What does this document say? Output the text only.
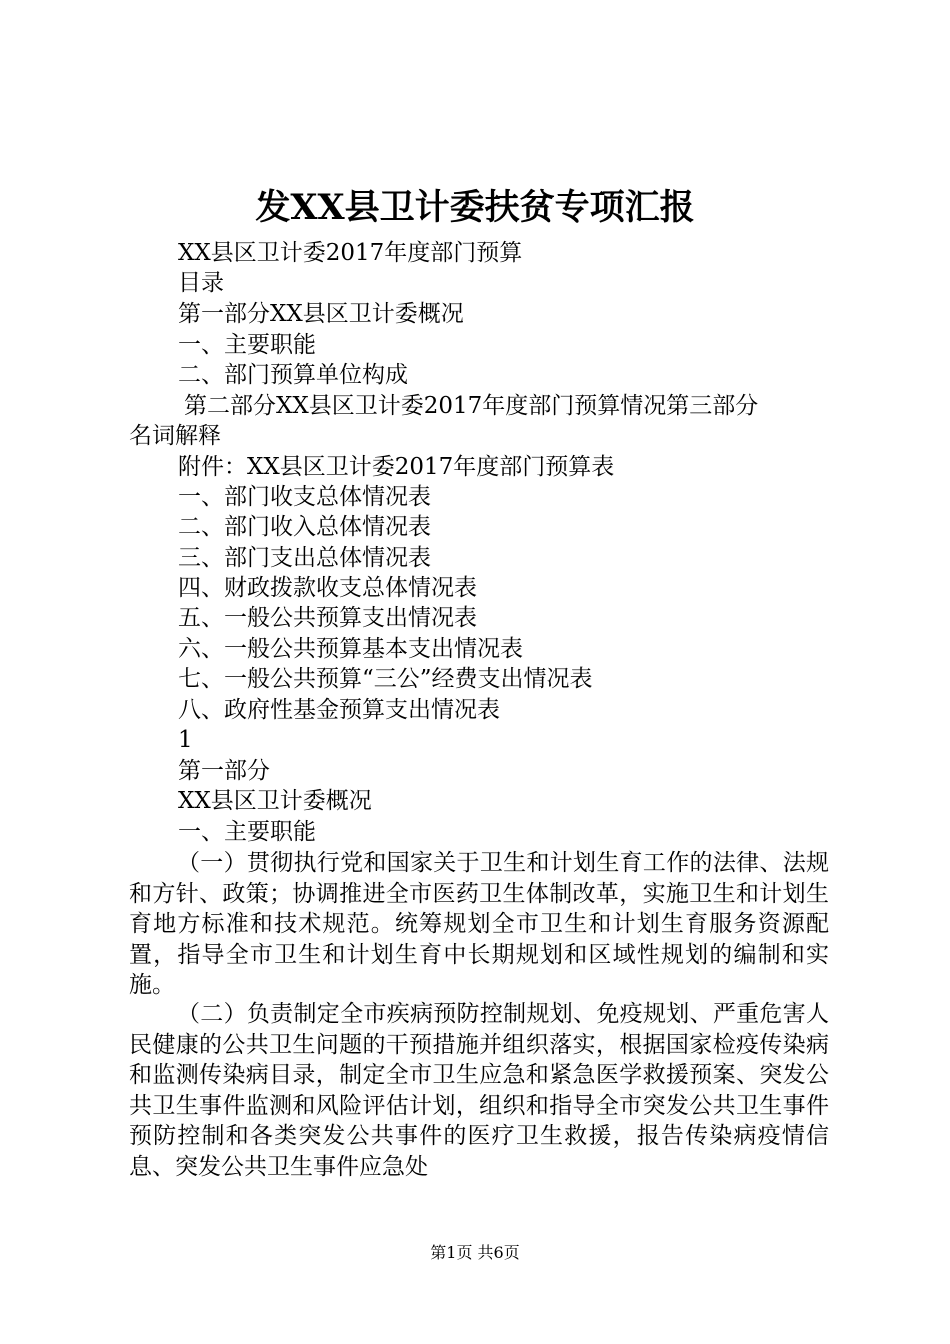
发XX县卫计委扶贫专项汇报
XX县区卫计委2017年度部门预算
目录
第一部分XX县区卫计委概况
一、主要职能
二、部门预算单位构成
第二部分XX县区卫计委2017年度部门预算情况第三部分
名词解释
附件：XX县区卫计委2017年度部门预算表
一、部门收支总体情况表
二、部门收入总体情况表
三、部门支出总体情况表
四、财政拨款收支总体情况表
五、一般公共预算支出情况表
六、一般公共预算基本支出情况表
七、一般公共预算“三公”经费支出情况表
八、政府性基金预算支出情况表
1
第一部分
XX县区卫计委概况
一、主要职能
（一）贯彻执行党和国家关于卫生和计划生育工作的法律、法规和方针、政策；协调推进全市医药卫生体制改革，实施卫生和计划生育地方标准和技术规范。统筹规划全市卫生和计划生育服务资源配置，指导全市卫生和计划生育中长期规划和区域性规划的编制和实施。
（二）负责制定全市疾病预防控制规划、免疫规划、严重危害人民健康的公共卫生问题的干预措施并组织落实，根据国家检疫传染病和监测传染病目录，制定全市卫生应急和紧急医学救援预案、突发公共卫生事件监测和风险评估计划，组织和指导全市突发公共卫生事件预防控制和各类突发公共事件的医疗卫生救援，报告传染病疫情信息、突发公共卫生事件应急处
第1页 共6页
